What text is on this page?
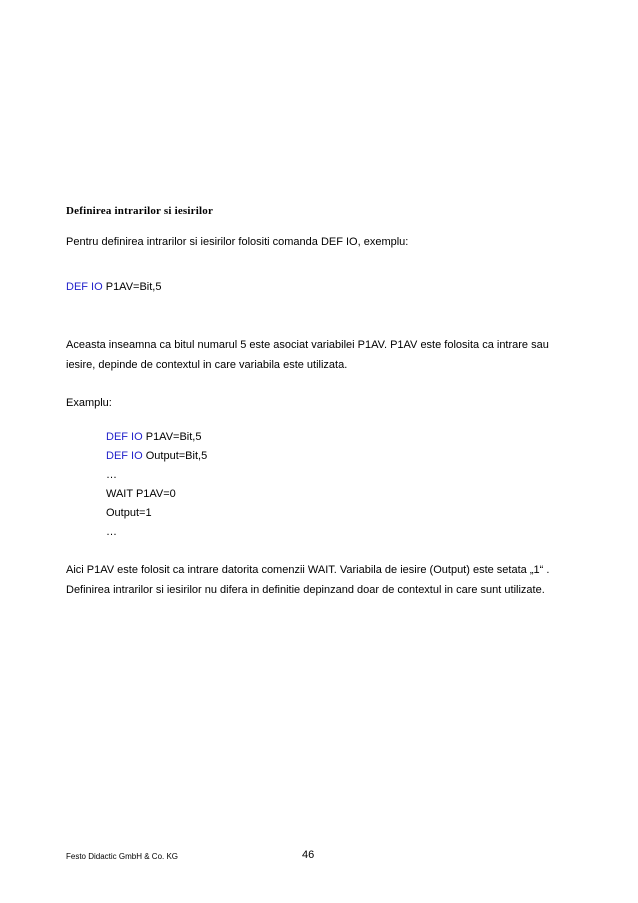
Definirea intrarilor si iesirilor
Pentru definirea intrarilor si iesirilor folositi comanda DEF IO, exemplu:
DEF IO P1AV=Bit,5
Aceasta inseamna ca bitul numarul 5 este asociat variabilei P1AV. P1AV este folosita ca intrare sau
iesire, depinde de contextul in care variabila este utilizata.
Examplu:
DEF IO P1AV=Bit,5
DEF IO Output=Bit,5
…
WAIT P1AV=0
Output=1
…
Aici P1AV este folosit ca intrare datorita comenzii WAIT. Variabila de iesire (Output) este setata „1“ .
Definirea intrarilor si iesirilor nu difera in definitie depinzand doar de contextul in care sunt utilizate.
Festo Didactic GmbH & Co. KG	46
